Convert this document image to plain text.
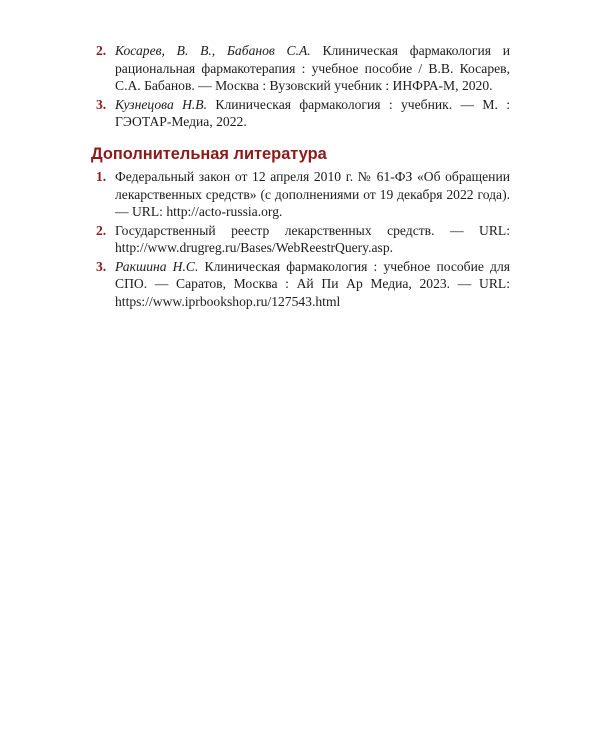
2. Косарев, В. В., Бабанов С.А. Клиническая фармакология и рациональная фармакотерапия : учебное пособие / В.В. Косарев, С.А. Бабанов. — Москва : Вузовский учебник : ИНФРА-М, 2020.
3. Кузнецова Н.В. Клиническая фармакология : учебник. — М. : ГЭОТАР-Медиа, 2022.
Дополнительная литература
1. Федеральный закон от 12 апреля 2010 г. № 61-ФЗ «Об обращении лекарственных средств» (с дополнениями от 19 декабря 2022 года). — URL: http://acto-russia.org.
2. Государственный реестр лекарственных средств. — URL: http://www.drugreg.ru/Bases/WebReestrQuery.asp.
3. Ракшина Н.С. Клиническая фармакология : учебное пособие для СПО. — Саратов, Москва : Ай Пи Ар Медиа, 2023. — URL: https://www.iprbookshop.ru/127543.html
